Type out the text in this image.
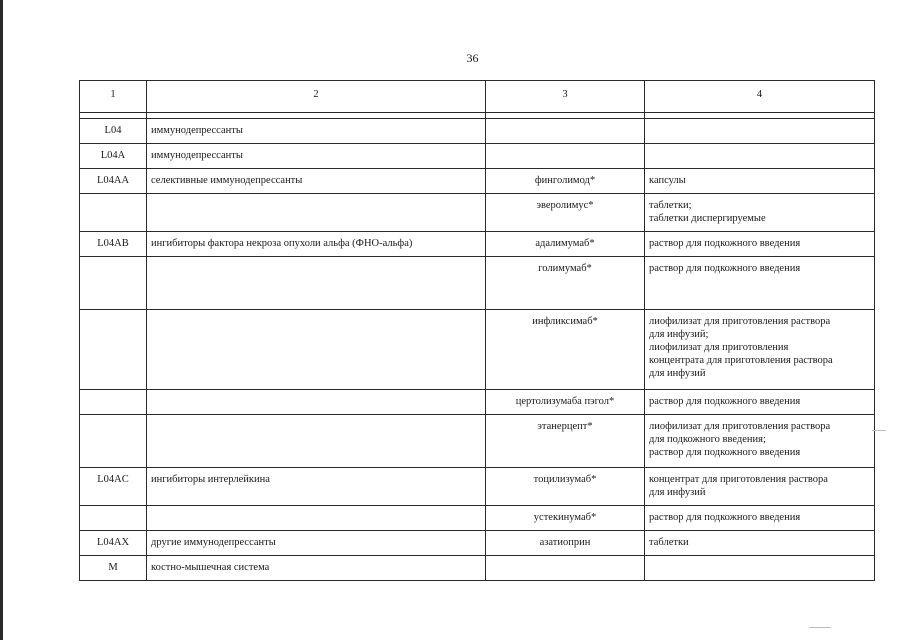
36
1	2	3	4

L04	иммунодепрессанты		
L04A	иммунодепрессанты		
L04AA	селективные иммунодепрессанты	финголимод*	капсулы

		эверолимус*	таблетки;
таблетки диспергируемые

L04AB	ингибиторы фактора некроза опухоли альфа (ФНО-альфа)	адалимумаб*	раствор для подкожного введения

		голимумаб*	раствор для подкожного введения

		инфликсимаб*	лиофилизат для приготовления раствора
для инфузий;
лиофилизат для приготовления
концентрата для приготовления раствора
для инфузий

		цертолизумаба пэгол*	раствор для подкожного введения

		этанерцепт*	лиофилизат для приготовления раствора
для подкожного введения;
раствор для подкожного введения

L04AC	ингибиторы интерлейкина	тоцилизумаб*	концентрат для приготовления раствора
для инфузий

		устекинумаб*	раствор для подкожного введения

L04AX	другие иммунодепрессанты	азатиоприн	таблетки

M	костно-мышечная система		
